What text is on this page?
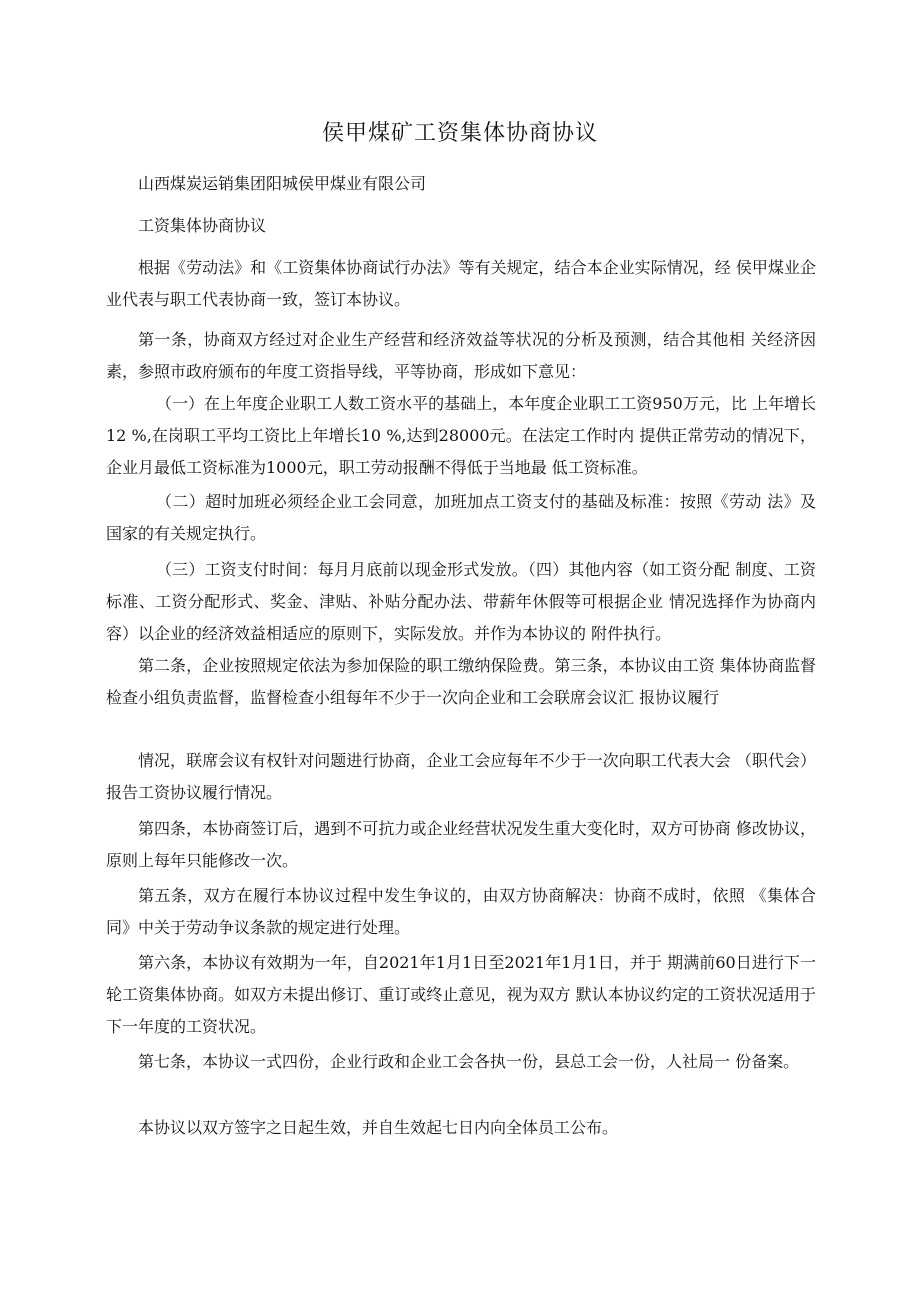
侯甲煤矿工资集体协商协议

山西煤炭运销集团阳城侯甲煤业有限公司

工资集体协商协议

根据《劳动法》和《工资集体协商试行办法》等有关规定，结合本企业实际情况，经 侯甲煤业企业代表与职工代表协商一致，签订本协议。

第一条，协商双方经过对企业生产经营和经济效益等状况的分析及预测，结合其他相 关经济因素，参照市政府颁布的年度工资指导线，平等协商，形成如下意见：

（一）在上年度企业职工人数工资水平的基础上，本年度企业职工工资950万元，比 上年增长12 %,在岗职工平均工资比上年增长10 %,达到28000元。在法定工作时内 提供正常劳动的情况下，企业月最低工资标准为1000元，职工劳动报酬不得低于当地最 低工资标准。

（二）超时加班必须经企业工会同意，加班加点工资支付的基础及标准：按照《劳动 法》及国家的有关规定执行。

（三）工资支付时间：每月月底前以现金形式发放。（四）其他内容（如工资分配 制度、工资标准、工资分配形式、奖金、津贴、补贴分配办法、带薪年休假等可根据企业 情况选择作为协商内容）以企业的经济效益相适应的原则下，实际发放。并作为本协议的 附件执行。

第二条，企业按照规定依法为参加保险的职工缴纳保险费。第三条，本协议由工资 集体协商监督检查小组负责监督，监督检查小组每年不少于一次向企业和工会联席会议汇 报协议履行

情况，联席会议有权针对问题进行协商，企业工会应每年不少于一次向职工代表大会 （职代会）报告工资协议履行情况。

第四条，本协商签订后，遇到不可抗力或企业经营状况发生重大变化时，双方可协商 修改协议，原则上每年只能修改一次。

第五条，双方在履行本协议过程中发生争议的，由双方协商解决：协商不成时，依照 《集体合同》中关于劳动争议条款的规定进行处理。

第六条，本协议有效期为一年，自2021年1月1日至2021年1月1日，并于 期满前60日进行下一轮工资集体协商。如双方未提出修订、重订或终止意见，视为双方 默认本协议约定的工资状况适用于下一年度的工资状况。

第七条，本协议一式四份，企业行政和企业工会各执一份，县总工会一份，人社局一 份备案。

本协议以双方签字之日起生效，并自生效起七日内向全体员工公布。
